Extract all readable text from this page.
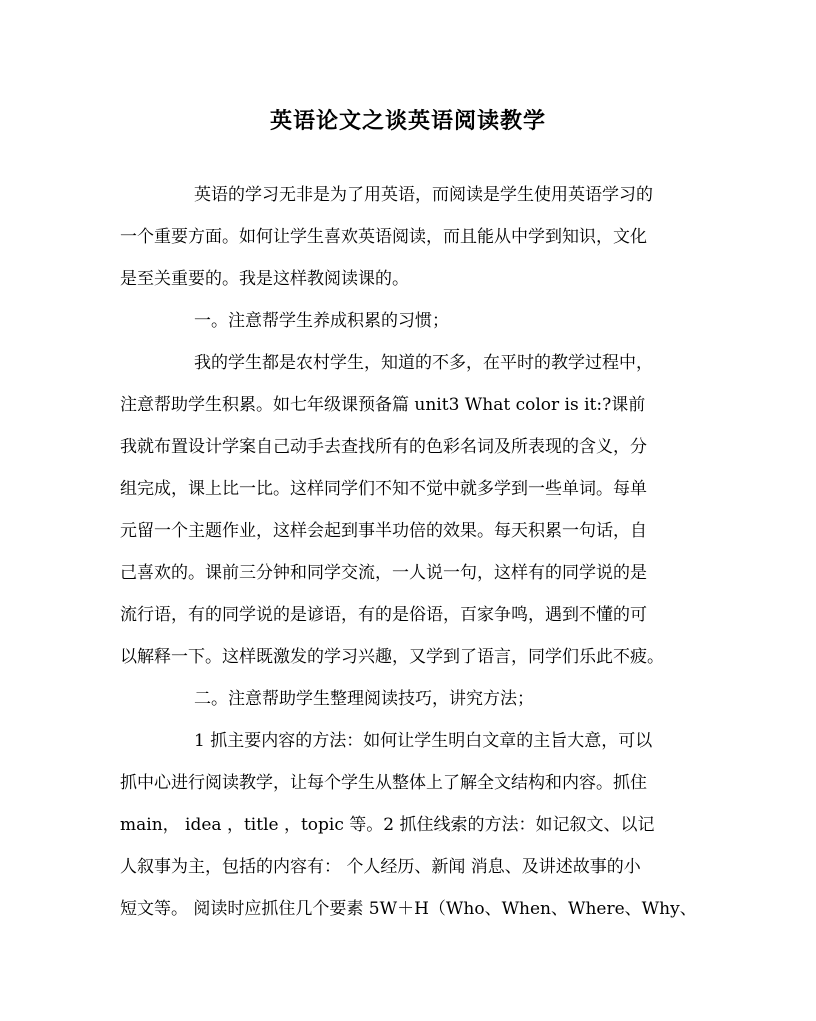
英语论文之谈英语阅读教学
英语的学习无非是为了用英语，而阅读是学生使用英语学习的
一个重要方面。如何让学生喜欢英语阅读，而且能从中学到知识，文化
是至关重要的。我是这样教阅读课的。
一。注意帮学生养成积累的习惯；
我的学生都是农村学生，知道的不多，在平时的教学过程中，
注意帮助学生积累。如七年级课预备篇 unit3 What color is it:?课前
我就布置设计学案自己动手去查找所有的色彩名词及所表现的含义，分
组完成，课上比一比。这样同学们不知不觉中就多学到一些单词。每单
元留一个主题作业，这样会起到事半功倍的效果。每天积累一句话，自
己喜欢的。课前三分钟和同学交流，一人说一句，这样有的同学说的是
流行语，有的同学说的是谚语，有的是俗语，百家争鸣，遇到不懂的可
以解释一下。这样既激发的学习兴趣，又学到了语言，同学们乐此不疲。
二。注意帮助学生整理阅读技巧，讲究方法；
1 抓主要内容的方法：如何让学生明白文章的主旨大意，可以
抓中心进行阅读教学，让每个学生从整体上了解全文结构和内容。抓住
main， idea ，title ，topic 等。2 抓住线索的方法：如记叙文、以记
人叙事为主，包括的内容有： 个人经历、新闻 消息、及讲述故事的小
短文等。 阅读时应抓住几个要素 5W＋H（Who、When、Where、Why、
